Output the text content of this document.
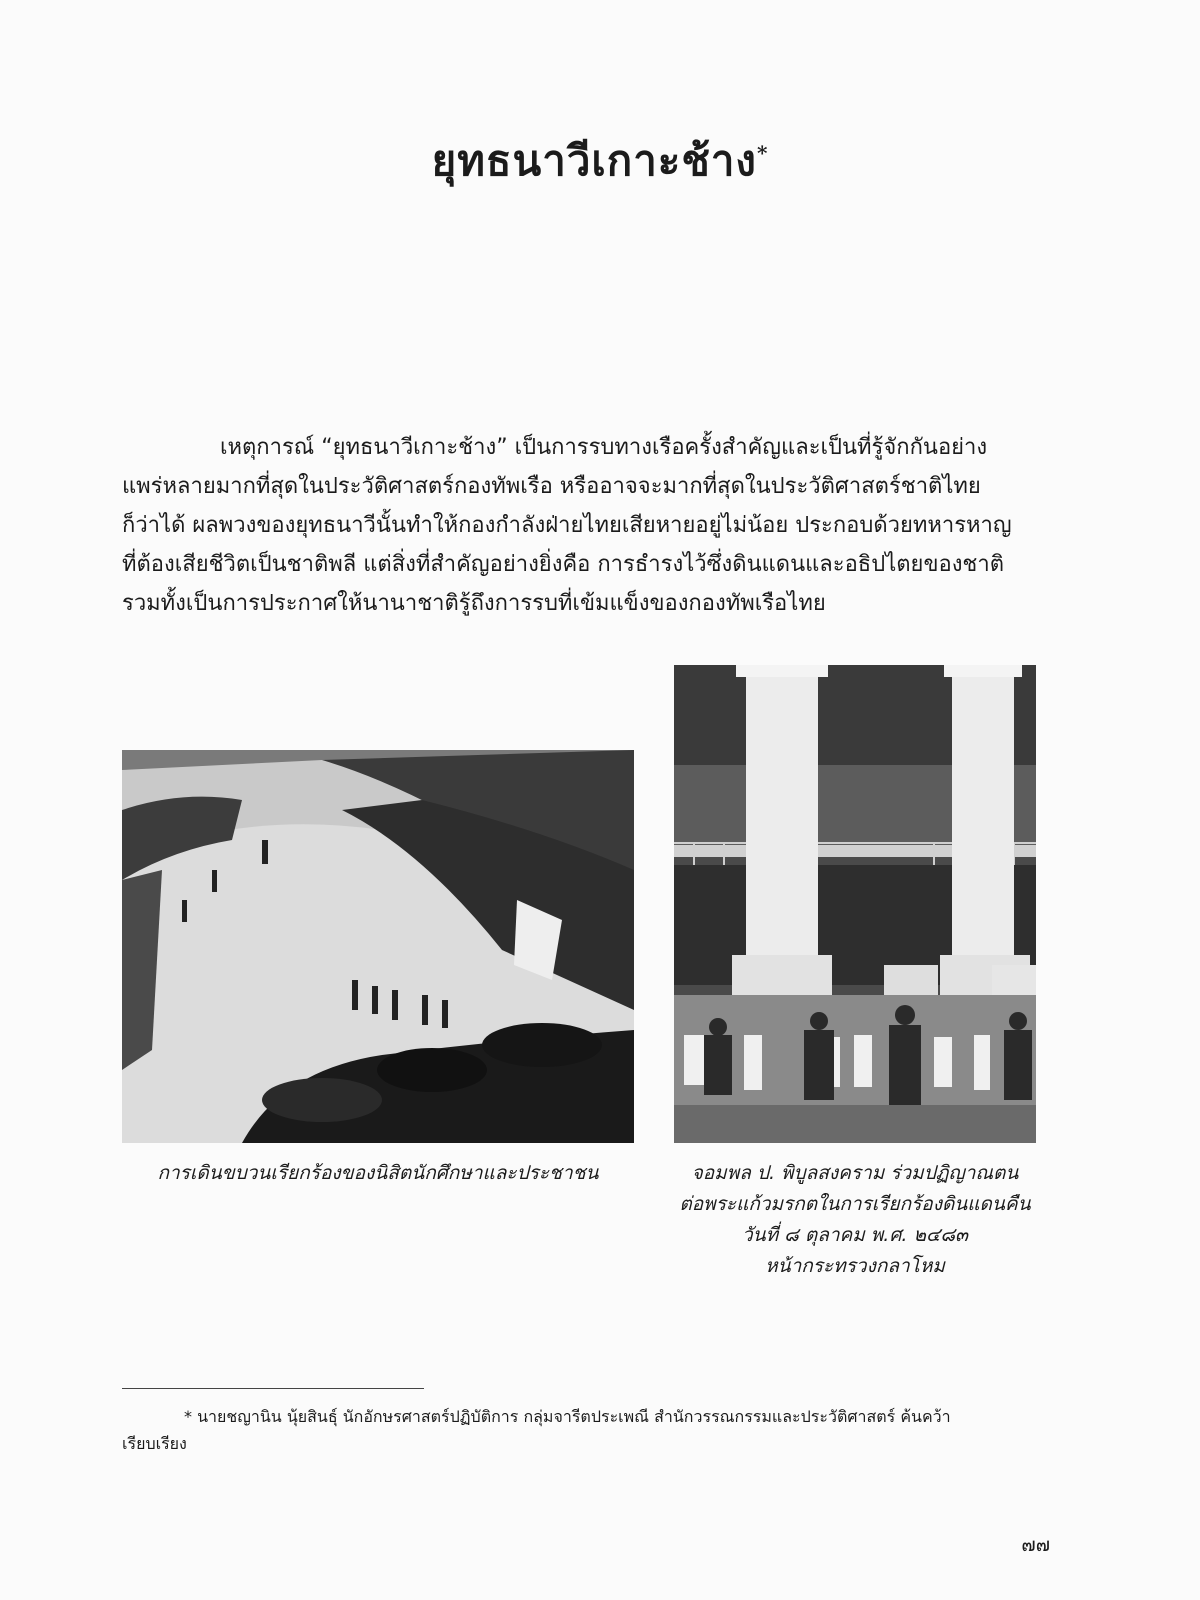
ยุทธนาวีเกาะช้าง*
เหตุการณ์ “ยุทธนาวีเกาะช้าง” เป็นการรบทางเรือครั้งสำคัญและเป็นที่รู้จักกันอย่าง
แพร่หลายมากที่สุดในประวัติศาสตร์กองทัพเรือ หรืออาจจะมากที่สุดในประวัติศาสตร์ชาติไทย
ก็ว่าได้ ผลพวงของยุทธนาวีนั้นทำให้กองกำลังฝ่ายไทยเสียหายอยู่ไม่น้อย ประกอบด้วยทหารหาญ
ที่ต้องเสียชีวิตเป็นชาติพลี แต่สิ่งที่สำคัญอย่างยิ่งคือ การธำรงไว้ซึ่งดินแดนและอธิปไตยของชาติ
รวมทั้งเป็นการประกาศให้นานาชาติรู้ถึงการรบที่เข้มแข็งของกองทัพเรือไทย
การเดินขบวนเรียกร้องของนิสิตนักศึกษาและประชาชน	จอมพล ป. พิบูลสงคราม ร่วมปฏิญาณตน
ต่อพระแก้วมรกตในการเรียกร้องดินแดนคืน
วันที่ ๘ ตุลาคม พ.ศ. ๒๔๘๓
หน้ากระทรวงกลาโหม
* นายชญานิน นุ้ยสินธุ์ นักอักษรศาสตร์ปฏิบัติการ กลุ่มจารีตประเพณี สำนักวรรณกรรมและประวัติศาสตร์ ค้นคว้า
เรียบเรียง
๗๗
